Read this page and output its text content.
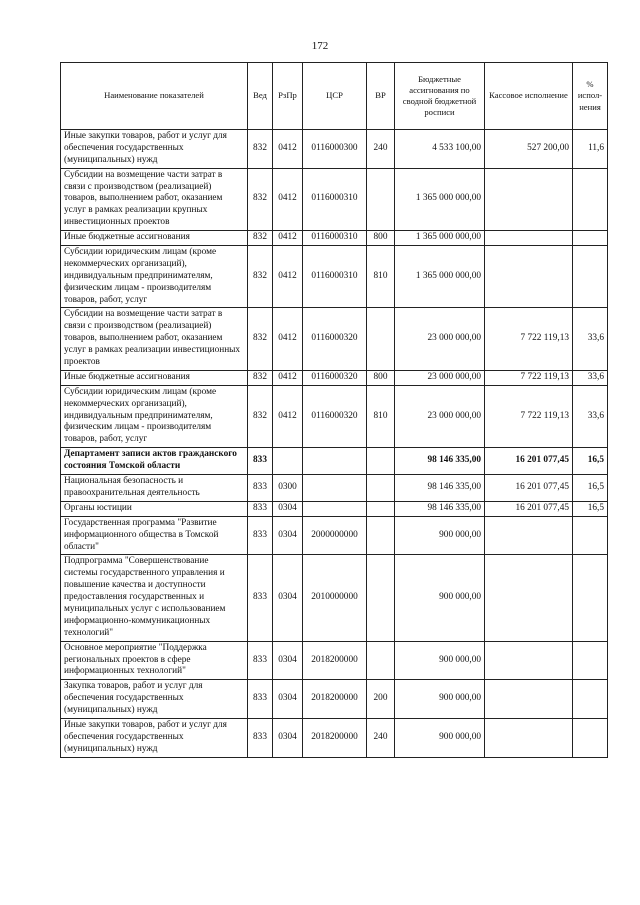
172
Наименование показателей	Вед	РзПр	ЦСР	ВР	Бюджетные ассигнования по сводной бюджетной росписи	Кассовое исполнение	% испол-нения
Иные закупки товаров, работ и услуг для обеспечения государственных (муниципальных) нужд	832	0412	0116000300	240	4 533 100,00	527 200,00	11,6
Субсидии на возмещение части затрат в связи с производством (реализацией) товаров, выполнением работ, оказанием услуг в рамках реализации крупных инвестиционных проектов	832	0412	0116000310		1 365 000 000,00		
Иные бюджетные ассигнования	832	0412	0116000310	800	1 365 000 000,00		
Субсидии юридическим лицам (кроме некоммерческих организаций), индивидуальным предпринимателям, физическим лицам - производителям товаров, работ, услуг	832	0412	0116000310	810	1 365 000 000,00		
Субсидии на возмещение части затрат в связи с производством (реализацией) товаров, выполнением работ, оказанием услуг в рамках реализации инвестиционных проектов	832	0412	0116000320		23 000 000,00	7 722 119,13	33,6
Иные бюджетные ассигнования	832	0412	0116000320	800	23 000 000,00	7 722 119,13	33,6
Субсидии юридическим лицам (кроме некоммерческих организаций), индивидуальным предпринимателям, физическим лицам - производителям товаров, работ, услуг	832	0412	0116000320	810	23 000 000,00	7 722 119,13	33,6
Департамент записи актов гражданского состояния Томской области	833				98 146 335,00	16 201 077,45	16,5
Национальная безопасность и правоохранительная деятельность	833	0300			98 146 335,00	16 201 077,45	16,5
Органы юстиции	833	0304			98 146 335,00	16 201 077,45	16,5
Государственная программа "Развитие информационного общества в Томской области"	833	0304	2000000000		900 000,00		
Подпрограмма "Совершенствование системы государственного управления и повышение качества и доступности предоставления государственных и муниципальных услуг с использованием информационно-коммуникационных технологий"	833	0304	2010000000		900 000,00		
Основное мероприятие "Поддержка региональных проектов в сфере информационных технологий"	833	0304	2018200000		900 000,00		
Закупка товаров, работ и услуг для обеспечения государственных (муниципальных) нужд	833	0304	2018200000	200	900 000,00		
Иные закупки товаров, работ и услуг для обеспечения государственных (муниципальных) нужд	833	0304	2018200000	240	900 000,00		
